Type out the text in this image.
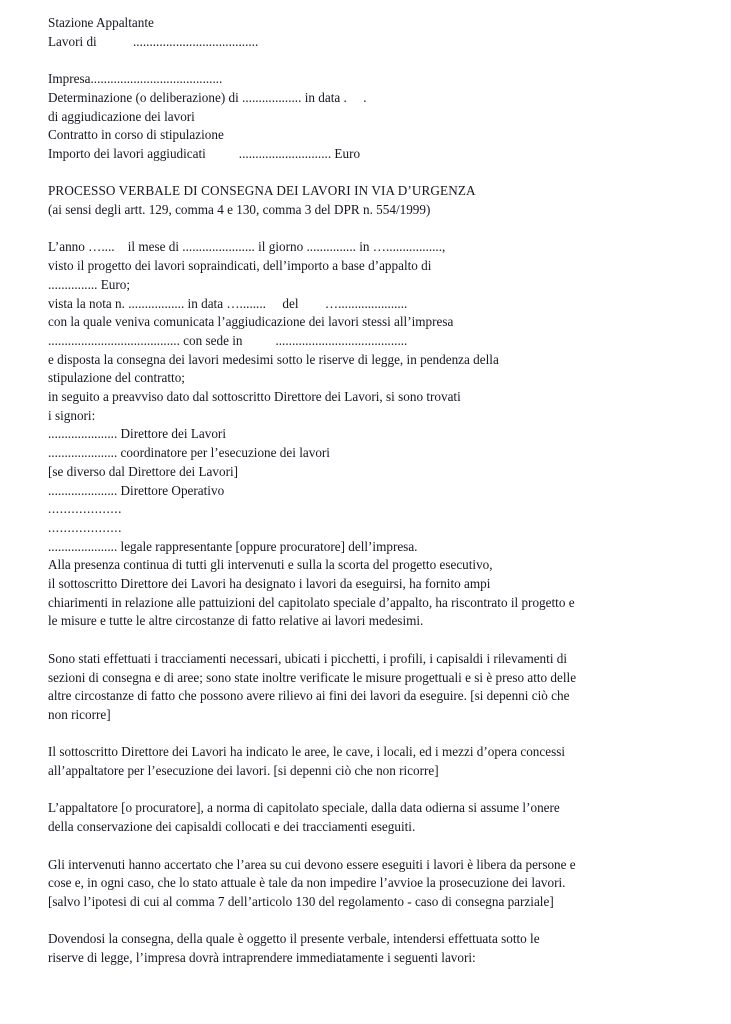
Stazione Appaltante
Lavori di           ......................................
Impresa........................................
Determinazione (o deliberazione) di .................. in data .     .
di aggiudicazione dei lavori
Contratto in corso di stipulazione
Importo dei lavori aggiudicati          ............................ Euro
PROCESSO VERBALE DI CONSEGNA DEI LAVORI IN VIA D’URGENZA
(ai sensi degli artt. 129, comma 4 e 130, comma 3 del DPR n. 554/1999)
L’anno …....    il mese di ...................... il giorno ............... in ….................,
visto il progetto dei lavori sopraindicati, dell’importo a base d’appalto di
............... Euro;
vista la nota n. ................. in data …........     del        ….....................
con la quale veniva comunicata l’aggiudicazione dei lavori stessi all’impresa
........................................ con sede in          ........................................
e disposta la consegna dei lavori medesimi sotto le riserve di legge, in pendenza della
stipulazione del contratto;
in seguito a preavviso dato dal sottoscritto Direttore dei Lavori, si sono trovati
i signori:
..................... Direttore dei Lavori
..................... coordinatore per l’esecuzione dei lavori
[se diverso dal Direttore dei Lavori]
..................... Direttore Operativo
...................
...................
..................... legale rappresentante [oppure procuratore] dell’impresa.
Alla presenza continua di tutti gli intervenuti e sulla la scorta del progetto esecutivo,
il sottoscritto Direttore dei Lavori ha designato i lavori da eseguirsi, ha fornito ampi
chiarimenti in relazione alle pattuizioni del capitolato speciale d’appalto, ha riscontrato il progetto e
le misure e tutte le altre circostanze di fatto relative ai lavori medesimi.
Sono stati effettuati i tracciamenti necessari, ubicati i picchetti, i profili, i capisaldi i rilevamenti di
sezioni di consegna e di aree; sono state inoltre verificate le misure progettuali e si è preso atto delle
altre circostanze di fatto che possono avere rilievo ai fini dei lavori da eseguire. [si depenni ciò che
non ricorre]
Il sottoscritto Direttore dei Lavori ha indicato le aree, le cave, i locali, ed i mezzi d’opera concessi
all’appaltatore per l’esecuzione dei lavori. [si depenni ciò che non ricorre]
L’appaltatore [o procuratore], a norma di capitolato speciale, dalla data odierna si assume l’onere
della conservazione dei capisaldi collocati e dei tracciamenti eseguiti.
Gli intervenuti hanno accertato che l’area su cui devono essere eseguiti i lavori è libera da persone e
cose e, in ogni caso, che lo stato attuale è tale da non impedire l’avvioe la prosecuzione dei lavori.
[salvo l’ipotesi di cui al comma 7 dell’articolo 130 del regolamento - caso di consegna parziale]
Dovendosi la consegna, della quale è oggetto il presente verbale, intendersi effettuata sotto le
riserve di legge, l’impresa dovrà intraprendere immediatamente i seguenti lavori:
